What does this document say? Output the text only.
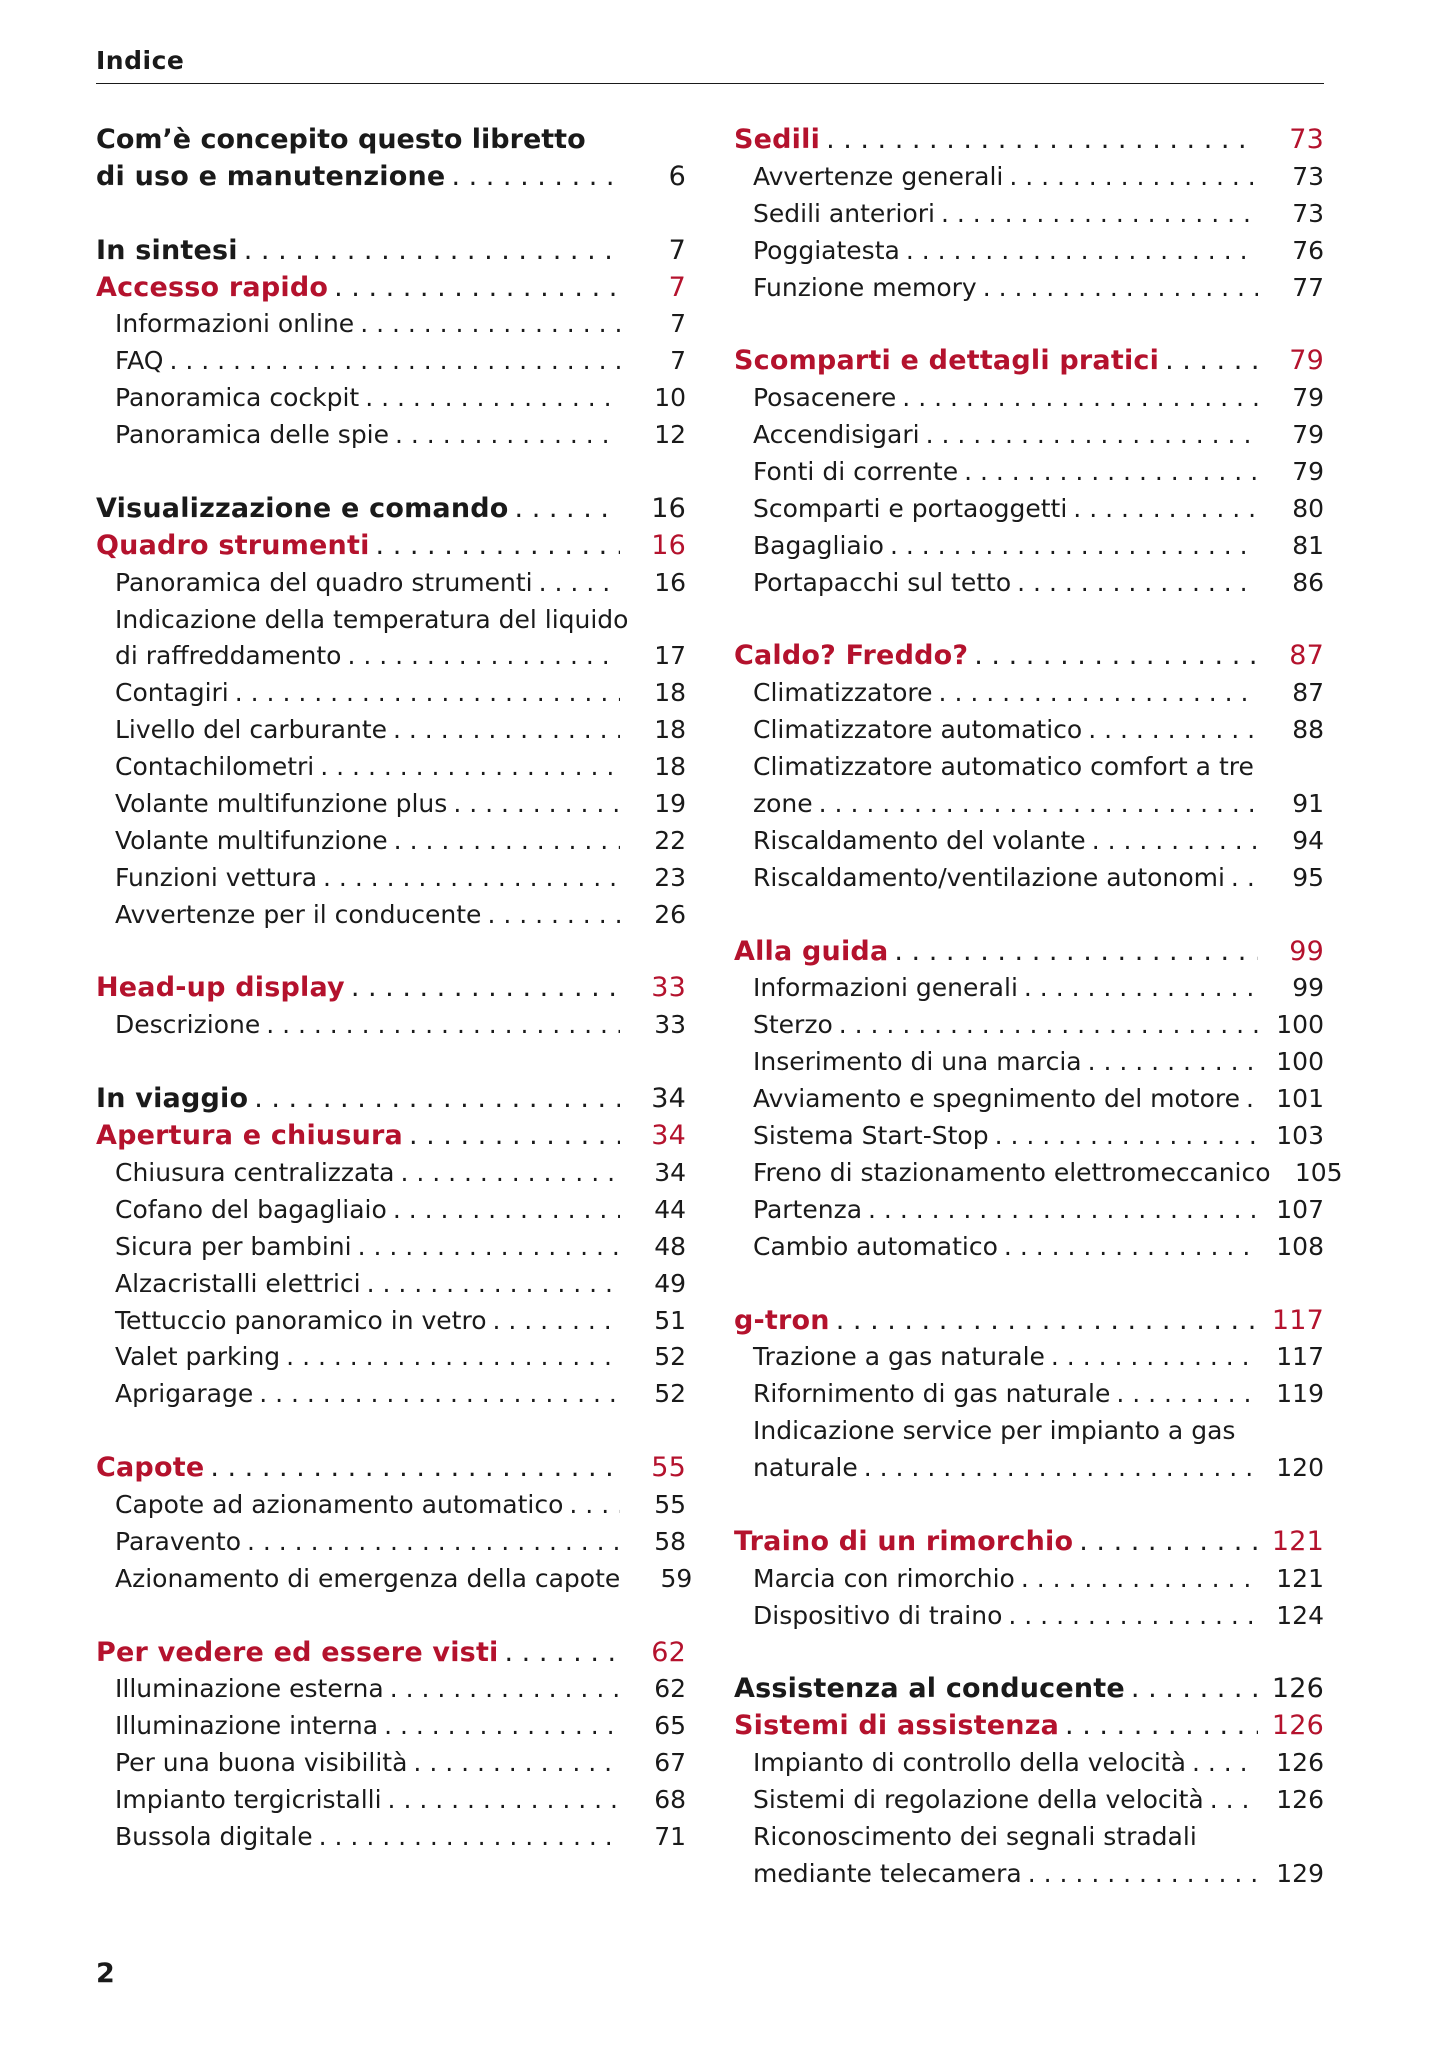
Indice
Com’è concepito questo libretto
di uso e manutenzione . . .	6
In sintesi . . .	7
Accesso rapido . . .	7
Informazioni online . . .	7
FAQ . . .	7
Panoramica cockpit . . .	10
Panoramica delle spie . . .	12
Visualizzazione e comando . . .	16
Quadro strumenti . . .	16
Panoramica del quadro strumenti . . .	16
Indicazione della temperatura del liquido
di raffreddamento . . .	17
Contagiri . . .	18
Livello del carburante . . .	18
Contachilometri . . .	18
Volante multifunzione plus . . .	19
Volante multifunzione . . .	22
Funzioni vettura . . .	23
Avvertenze per il conducente . . .	26
Head-up display . . .	33
Descrizione . . .	33
In viaggio . . .	34
Apertura e chiusura . . .	34
Chiusura centralizzata . . .	34
Cofano del bagagliaio . . .	44
Sicura per bambini . . .	48
Alzacristalli elettrici . . .	49
Tettuccio panoramico in vetro . . .	51
Valet parking . . .	52
Aprigarage . . .	52
Capote . . .	55
Capote ad azionamento automatico . . .	55
Paravento . . .	58
Azionamento di emergenza della capote	59
Per vedere ed essere visti . . .	62
Illuminazione esterna . . .	62
Illuminazione interna . . .	65
Per una buona visibilità . . .	67
Impianto tergicristalli . . .	68
Bussola digitale . . .	71
Sedili . . .	73
Avvertenze generali . . .	73
Sedili anteriori . . .	73
Poggiatesta . . .	76
Funzione memory . . .	77
Scomparti e dettagli pratici . . .	79
Posacenere . . .	79
Accendisigari . . .	79
Fonti di corrente . . .	79
Scomparti e portaoggetti . . .	80
Bagagliaio . . .	81
Portapacchi sul tetto . . .	86
Caldo? Freddo? . . .	87
Climatizzatore . . .	87
Climatizzatore automatico . . .	88
Climatizzatore automatico comfort a tre
zone . . .	91
Riscaldamento del volante . . .	94
Riscaldamento/ventilazione autonomi . . .	95
Alla guida . . .	99
Informazioni generali . . .	99
Sterzo . . .	100
Inserimento di una marcia . . .	100
Avviamento e spegnimento del motore . . .	101
Sistema Start-Stop . . .	103
Freno di stazionamento elettromeccanico 105
Partenza . . .	107
Cambio automatico . . .	108
g-tron . . .	117
Trazione a gas naturale . . .	117
Rifornimento di gas naturale . . .	119
Indicazione service per impianto a gas
naturale . . .	120
Traino di un rimorchio . . .	121
Marcia con rimorchio . . .	121
Dispositivo di traino . . .	124
Assistenza al conducente . . .	126
Sistemi di assistenza . . .	126
Impianto di controllo della velocità . . .	126
Sistemi di regolazione della velocità . . .	126
Riconoscimento dei segnali stradali
mediante telecamera . . .	129
2
